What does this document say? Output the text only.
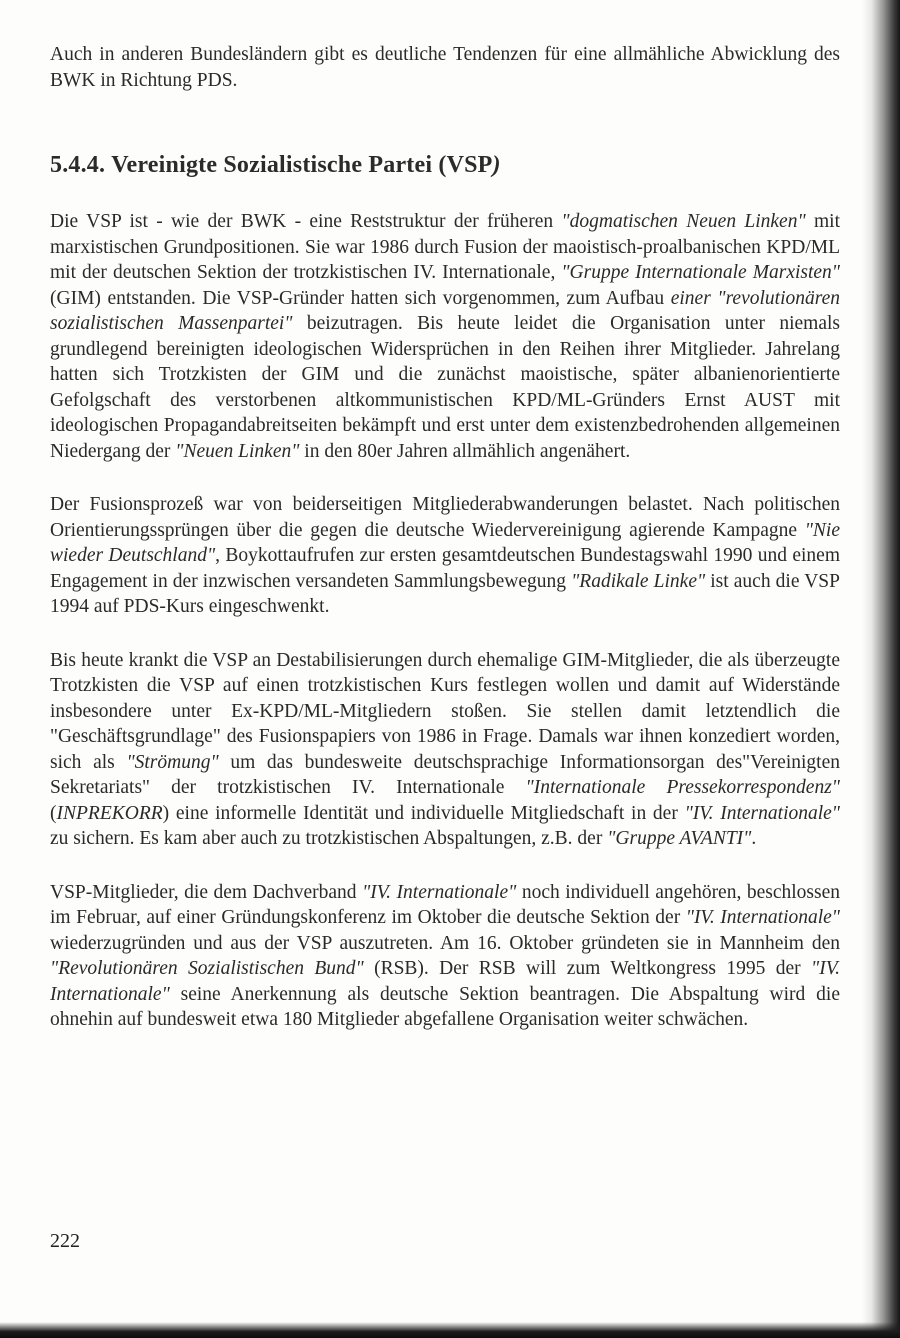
Auch in anderen Bundesländern gibt es deutliche Tendenzen für eine allmähliche Abwicklung des BWK in Richtung PDS.

5.4.4. Vereinigte Sozialistische Partei (VSP)

Die VSP ist - wie der BWK - eine Reststruktur der früheren "dogmatischen Neuen Linken" mit marxistischen Grundpositionen. Sie war 1986 durch Fusion der maoistisch-proalbanischen KPD/ML mit der deutschen Sektion der trotzkistischen IV. Internationale, "Gruppe Internationale Marxisten" (GIM) entstanden. Die VSP-Gründer hatten sich vorgenommen, zum Aufbau einer "revolutionären sozialistischen Massenpartei" beizutragen. Bis heute leidet die Organisation unter niemals grundlegend bereinigten ideologischen Widersprüchen in den Reihen ihrer Mitglieder. Jahrelang hatten sich Trotzkisten der GIM und die zunächst maoistische, später albanienorientierte Gefolgschaft des verstorbenen altkommunistischen KPD/ML-Gründers Ernst AUST mit ideologischen Propagandabreitseiten bekämpft und erst unter dem existenzbedrohenden allgemeinen Niedergang der "Neuen Linken" in den 80er Jahren allmählich angenähert.

Der Fusionsprozeß war von beiderseitigen Mitgliederabwanderungen belastet. Nach politischen Orientierungssprüngen über die gegen die deutsche Wiedervereinigung agierende Kampagne "Nie wieder Deutschland", Boykottaufrufen zur ersten gesamtdeutschen Bundestagswahl 1990 und einem Engagement in der inzwischen versandeten Sammlungsbewegung "Radikale Linke" ist auch die VSP 1994 auf PDS-Kurs eingeschwenkt.

Bis heute krankt die VSP an Destabilisierungen durch ehemalige GIM-Mitglieder, die als überzeugte Trotzkisten die VSP auf einen trotzkistischen Kurs festlegen wollen und damit auf Widerstände insbesondere unter Ex-KPD/ML-Mitgliedern stoßen. Sie stellen damit letztendlich die "Geschäftsgrundlage" des Fusionspapiers von 1986 in Frage. Damals war ihnen konzediert worden, sich als "Strömung" um das bundesweite deutschsprachige Informationsorgan des"Vereinigten Sekretariats" der trotzkistischen IV. Internationale "Internationale Pressekorrespondenz" (INPREKORR) eine informelle Identität und individuelle Mitgliedschaft in der "IV. Internationale" zu sichern. Es kam aber auch zu trotzkistischen Abspaltungen, z.B. der "Gruppe AVANTI".

VSP-Mitglieder, die dem Dachverband "IV. Internationale" noch individuell angehören, beschlossen im Februar, auf einer Gründungskonferenz im Oktober die deutsche Sektion der "IV. Internationale" wiederzugründen und aus der VSP auszutreten. Am 16. Oktober gründeten sie in Mannheim den "Revolutionären Sozialistischen Bund" (RSB). Der RSB will zum Weltkongress 1995 der "IV. Internationale" seine Anerkennung als deutsche Sektion beantragen. Die Abspaltung wird die ohnehin auf bundesweit etwa 180 Mitglieder abgefallene Organisation weiter schwächen.

222
